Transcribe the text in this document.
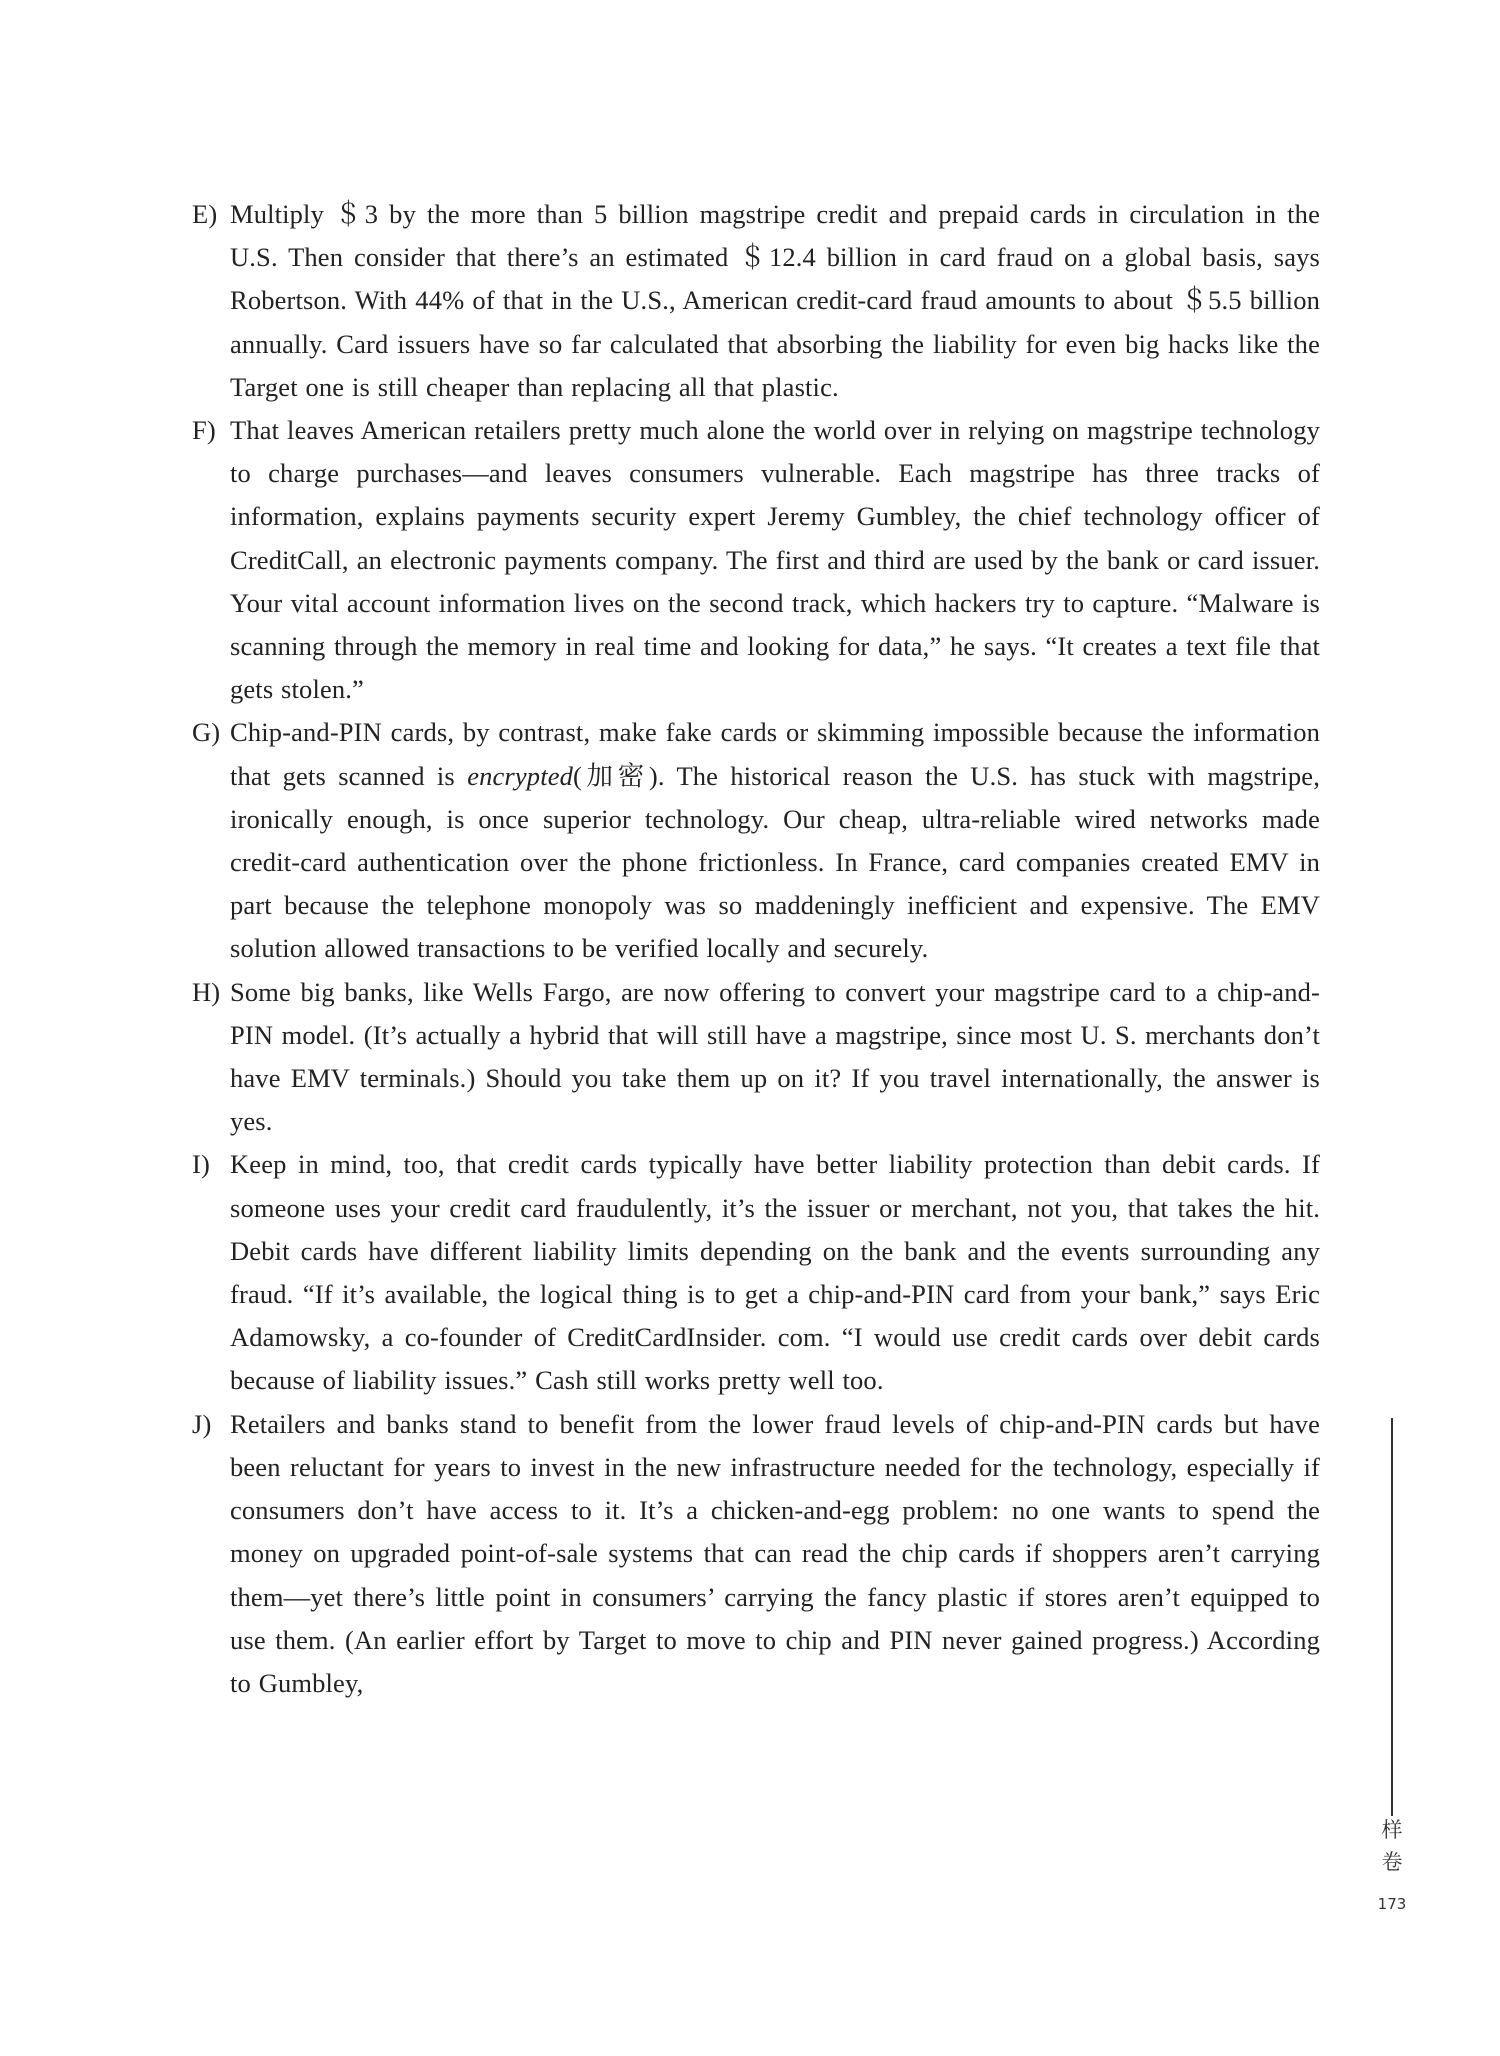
E) Multiply ＄3 by the more than 5 billion magstripe credit and prepaid cards in circulation in the U.S. Then consider that there’s an estimated ＄12.4 billion in card fraud on a global basis, says Robertson. With 44% of that in the U.S., American credit-card fraud amounts to about ＄5.5 billion annually. Card issuers have so far calculated that absorbing the liability for even big hacks like the Target one is still cheaper than replacing all that plastic.
F) That leaves American retailers pretty much alone the world over in relying on magstripe technology to charge purchases—and leaves consumers vulnerable. Each magstripe has three tracks of information, explains payments security expert Jeremy Gumbley, the chief technology officer of CreditCall, an electronic payments company. The first and third are used by the bank or card issuer. Your vital account information lives on the second track, which hackers try to capture. “Malware is scanning through the memory in real time and looking for data,” he says. “It creates a text file that gets stolen.”
G) Chip-and-PIN cards, by contrast, make fake cards or skimming impossible because the information that gets scanned is encrypted(加密). The historical reason the U.S. has stuck with magstripe, ironically enough, is once superior technology. Our cheap, ultra-reliable wired networks made credit-card authentication over the phone frictionless. In France, card companies created EMV in part because the telephone monopoly was so maddeningly inefficient and expensive. The EMV solution allowed transactions to be verified locally and securely.
H) Some big banks, like Wells Fargo, are now offering to convert your magstripe card to a chip-and-PIN model. (It’s actually a hybrid that will still have a magstripe, since most U. S. merchants don’t have EMV terminals.) Should you take them up on it? If you travel internationally, the answer is yes.
I) Keep in mind, too, that credit cards typically have better liability protection than debit cards. If someone uses your credit card fraudulently, it’s the issuer or merchant, not you, that takes the hit. Debit cards have different liability limits depending on the bank and the events surrounding any fraud. “If it’s available, the logical thing is to get a chip-and-PIN card from your bank,” says Eric Adamowsky, a co-founder of CreditCardInsider. com. “I would use credit cards over debit cards because of liability issues.” Cash still works pretty well too.
J) Retailers and banks stand to benefit from the lower fraud levels of chip-and-PIN cards but have been reluctant for years to invest in the new infrastructure needed for the technology, especially if consumers don’t have access to it. It’s a chicken-and-egg problem: no one wants to spend the money on upgraded point-of-sale systems that can read the chip cards if shoppers aren’t carrying them—yet there’s little point in consumers’ carrying the fancy plastic if stores aren’t equipped to use them. (An earlier effort by Target to move to chip and PIN never gained progress.) According to Gumbley,
样
卷
173
